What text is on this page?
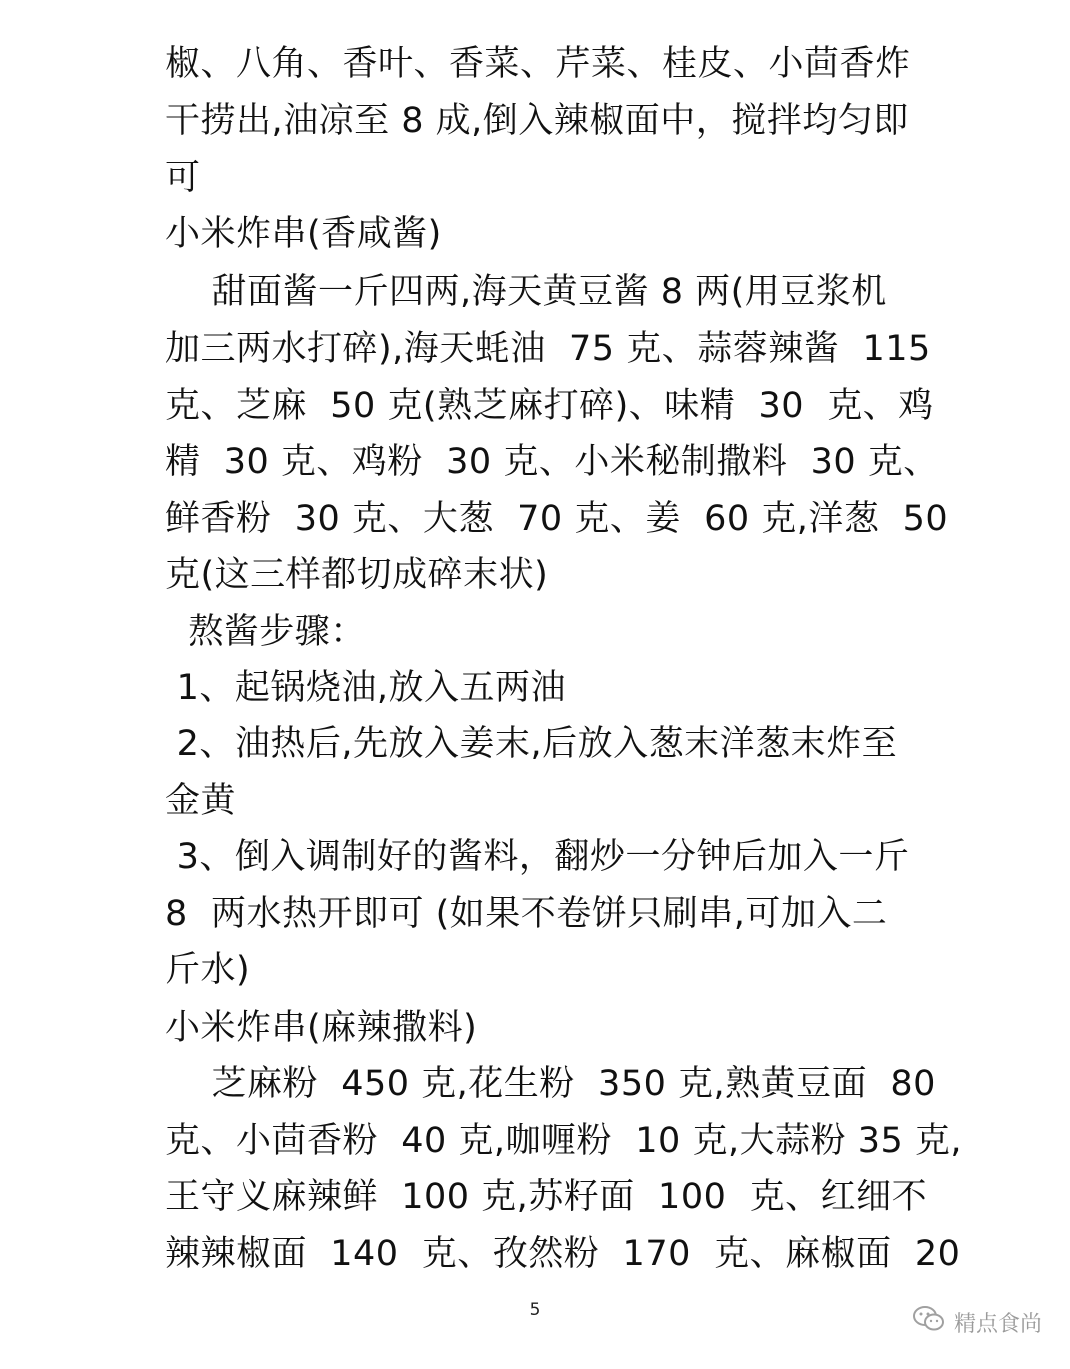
椒、八角、香叶、香菜、芹菜、桂皮、小茴香炸
干捞出,油凉至 8 成,倒入辣椒面中，搅拌均匀即
可
小米炸串(香咸酱)
甜面酱一斤四两,海天黄豆酱 8 两(用豆浆机
加三两水打碎),海天蚝油  75 克、蒜蓉辣酱  115
克、芝麻  50 克(熟芝麻打碎)、味精  30  克、鸡
精  30 克、鸡粉  30 克、小米秘制撒料  30 克、
鲜香粉  30 克、大葱  70 克、姜  60 克,洋葱  50
克(这三样都切成碎末状)
熬酱步骤：
1、起锅烧油,放入五两油
2、油热后,先放入姜末,后放入葱末洋葱末炸至
金黄
3、倒入调制好的酱料，翻炒一分钟后加入一斤
8  两水热开即可 (如果不卷饼只刷串,可加入二
斤水)
小米炸串(麻辣撒料)
芝麻粉  450 克,花生粉  350 克,熟黄豆面  80
克、小茴香粉  40 克,咖喱粉  10 克,大蒜粉 35 克,
王守义麻辣鲜  100 克,苏籽面  100  克、红细不
辣辣椒面  140  克、孜然粉  170  克、麻椒面  20
5
精点食尚
